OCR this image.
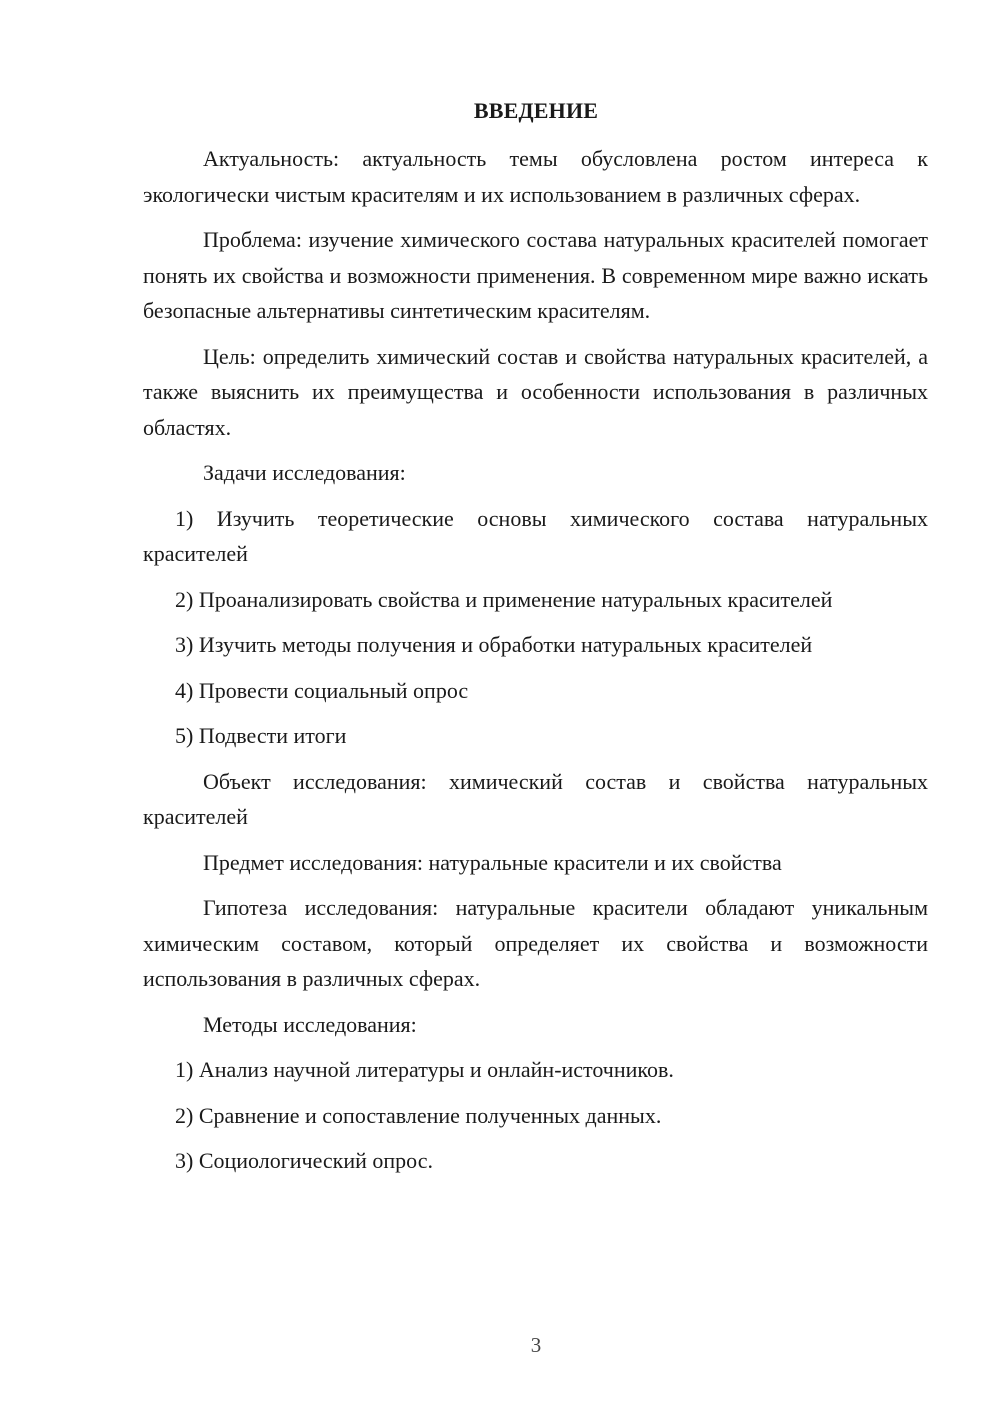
ВВЕДЕНИЕ

Актуальность: актуальность темы обусловлена ростом интереса к экологически чистым красителям и их использованием в различных сферах.

Проблема: изучение химического состава натуральных красителей помогает понять их свойства и возможности применения. В современном мире важно искать безопасные альтернативы синтетическим красителям.

Цель: определить химический состав и свойства натуральных красителей, а также выяснить их преимущества и особенности использования в различных областях.

Задачи исследования:

1) Изучить теоретические основы химического состава натуральных красителей

2) Проанализировать свойства и применение натуральных красителей

3) Изучить методы получения и обработки натуральных красителей

4) Провести социальный опрос

5) Подвести итоги

Объект исследования: химический состав и свойства натуральных красителей

Предмет исследования: натуральные красители и их свойства

Гипотеза исследования: натуральные красители обладают уникальным химическим составом, который определяет их свойства и возможности использования в различных сферах.

Методы исследования:

1) Анализ научной литературы и онлайн-источников.

2) Сравнение и сопоставление полученных данных.

3) Социологический опрос.

3
